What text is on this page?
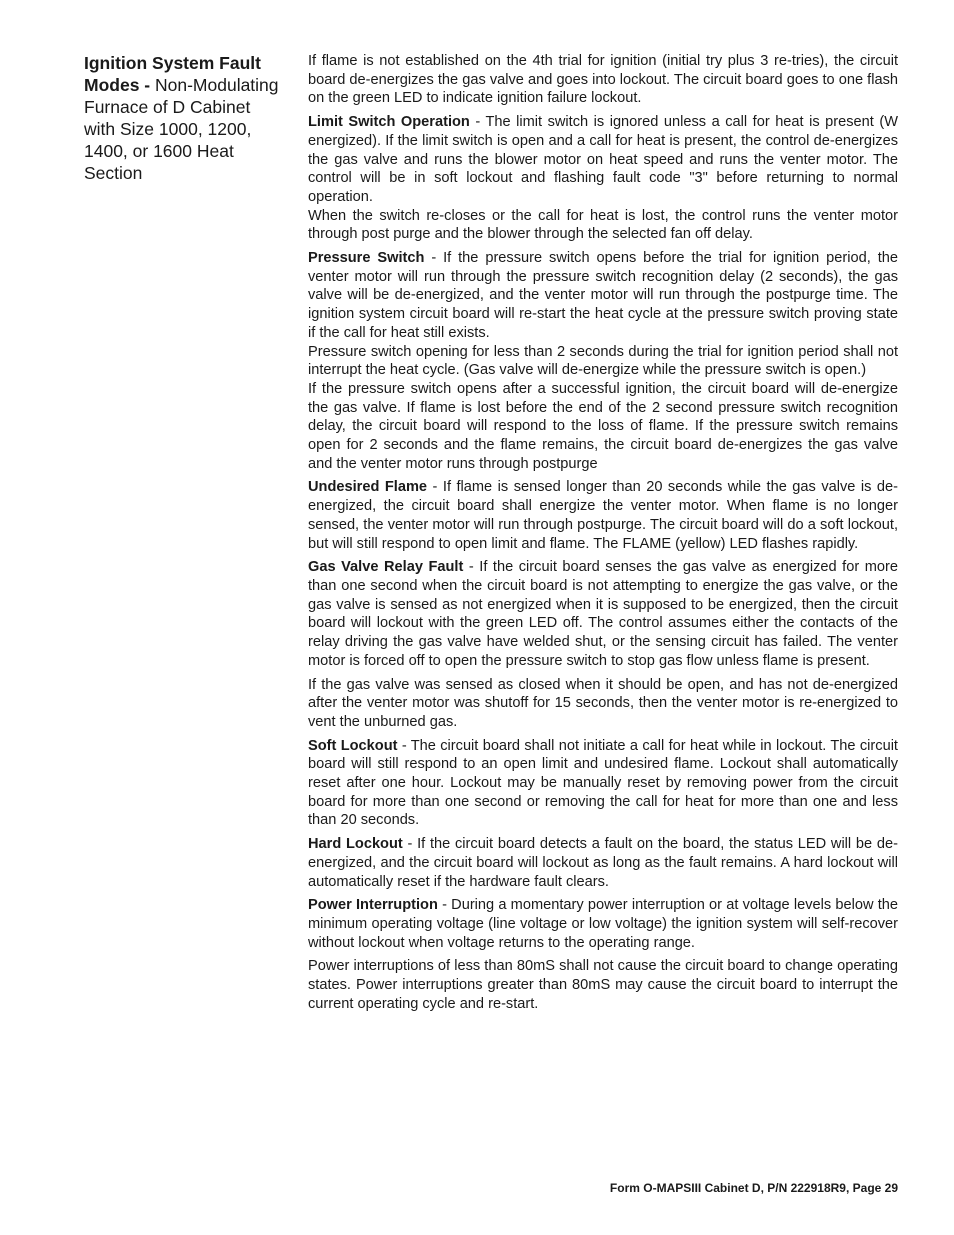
Ignition System Fault Modes - Non-Modulating Furnace of D Cabinet with Size 1000, 1200, 1400, or 1600 Heat Section

If flame is not established on the 4th trial for ignition (initial try plus 3 re-tries), the circuit board de-energizes the gas valve and goes into lockout. The circuit board goes to one flash on the green LED to indicate ignition failure lockout.

Limit Switch Operation - The limit switch is ignored unless a call for heat is present (W energized). If the limit switch is open and a call for heat is present, the control de-energizes the gas valve and runs the blower motor on heat speed and runs the venter motor. The control will be in soft lockout and flashing fault code "3" before returning to normal operation.

When the switch re-closes or the call for heat is lost, the control runs the venter motor through post purge and the blower through the selected fan off delay.

Pressure Switch - If the pressure switch opens before the trial for ignition period, the venter motor will run through the pressure switch recognition delay (2 seconds), the gas valve will be de-energized, and the venter motor will run through the postpurge time. The ignition system circuit board will re-start the heat cycle at the pressure switch proving state if the call for heat still exists.

Pressure switch opening for less than 2 seconds during the trial for ignition period shall not interrupt the heat cycle. (Gas valve will de-energize while the pressure switch is open.)

If the pressure switch opens after a successful ignition, the circuit board will de-energize the gas valve. If flame is lost before the end of the 2 second pressure switch recognition delay, the circuit board will respond to the loss of flame. If the pressure switch remains open for 2 seconds and the flame remains, the circuit board de-energizes the gas valve and the venter motor runs through postpurge

Undesired Flame - If flame is sensed longer than 20 seconds while the gas valve is de-energized, the circuit board shall energize the venter motor. When flame is no longer sensed, the venter motor will run through postpurge. The circuit board will do a soft lockout, but will still respond to open limit and flame. The FLAME (yellow) LED flashes rapidly.

Gas Valve Relay Fault - If the circuit board senses the gas valve as energized for more than one second when the circuit board is not attempting to energize the gas valve, or the gas valve is sensed as not energized when it is supposed to be energized, then the circuit board will lockout with the green LED off. The control assumes either the contacts of the relay driving the gas valve have welded shut, or the sensing circuit has failed. The venter motor is forced off to open the pressure switch to stop gas flow unless flame is present.

If the gas valve was sensed as closed when it should be open, and has not de-energized after the venter motor was shutoff for 15 seconds, then the venter motor is re-energized to vent the unburned gas.

Soft Lockout - The circuit board shall not initiate a call for heat while in lockout. The circuit board will still respond to an open limit and undesired flame. Lockout shall automatically reset after one hour. Lockout may be manually reset by removing power from the circuit board for more than one second or removing the call for heat for more than one and less than 20 seconds.

Hard Lockout - If the circuit board detects a fault on the board, the status LED will be de-energized, and the circuit board will lockout as long as the fault remains. A hard lockout will automatically reset if the hardware fault clears.

Power Interruption - During a momentary power interruption or at voltage levels below the minimum operating voltage (line voltage or low voltage) the ignition system will self-recover without lockout when voltage returns to the operating range.

Power interruptions of less than 80mS shall not cause the circuit board to change operating states. Power interruptions greater than 80mS may cause the circuit board to interrupt the current operating cycle and re-start.

Form O-MAPSIII Cabinet D, P/N 222918R9, Page 29
